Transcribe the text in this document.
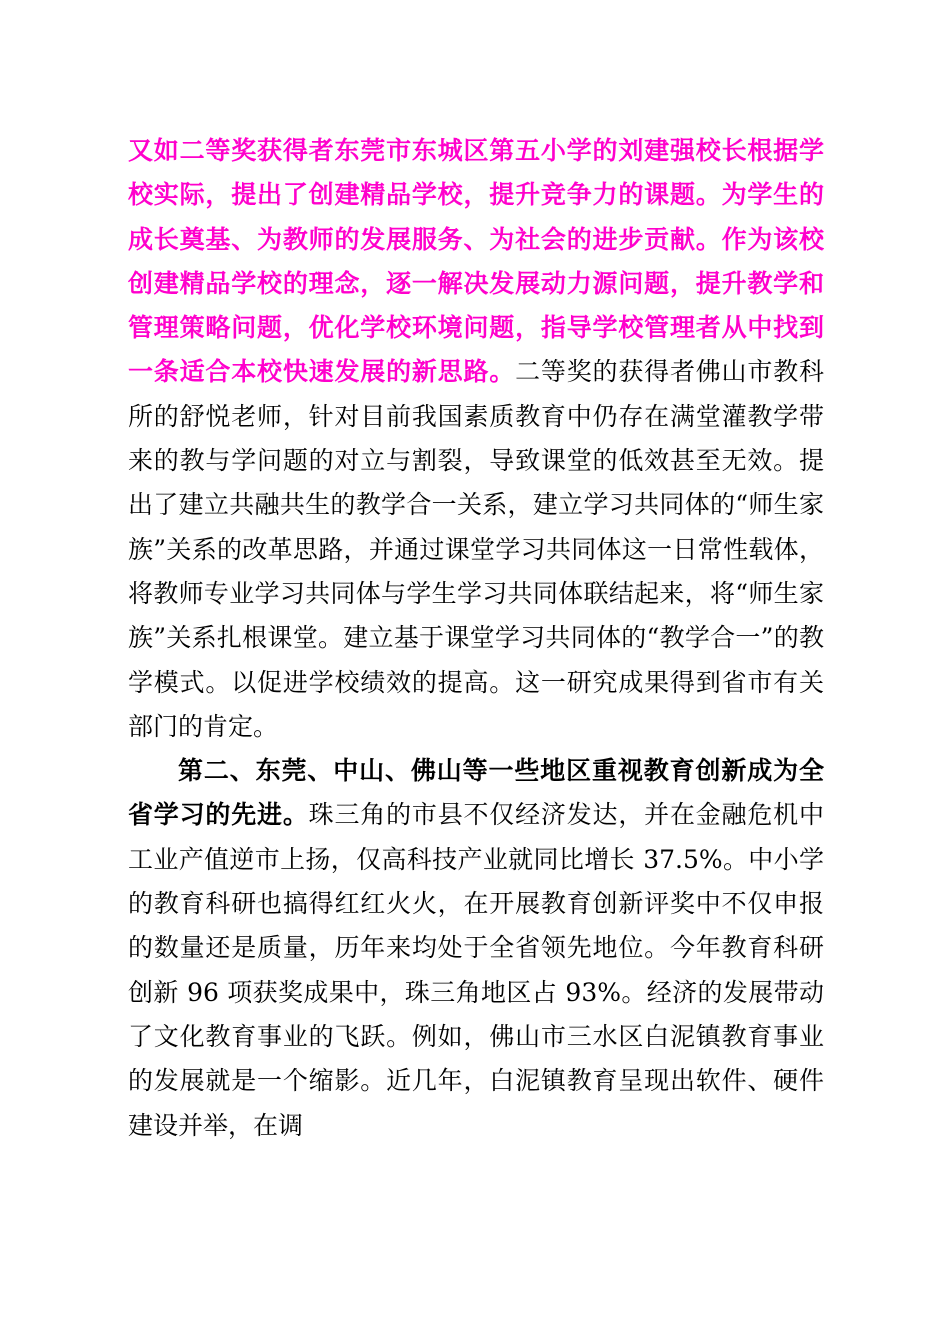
又如二等奖获得者东莞市东城区第五小学的刘建强校长根据学校实际，提出了创建精品学校，提升竞争力的课题。为学生的成长奠基、为教师的发展服务、为社会的进步贡献。作为该校创建精品学校的理念，逐一解决发展动力源问题，提升教学和管理策略问题，优化学校环境问题，指导学校管理者从中找到一条适合本校快速发展的新思路。二等奖的获得者佛山市教科所的舒悦老师，针对目前我国素质教育中仍存在满堂灌教学带来的教与学问题的对立与割裂，导致课堂的低效甚至无效。提出了建立共融共生的教学合一关系，建立学习共同体的“师生家族”关系的改革思路，并通过课堂学习共同体这一日常性载体，将教师专业学习共同体与学生学习共同体联结起来，将“师生家族”关系扎根课堂。建立基于课堂学习共同体的“教学合一”的教学模式。以促进学校绩效的提高。这一研究成果得到省市有关部门的肯定。

第二、东莞、中山、佛山等一些地区重视教育创新成为全省学习的先进。珠三角的市县不仅经济发达，并在金融危机中工业产值逆市上扬，仅高科技产业就同比增长 37.5%。中小学的教育科研也搞得红红火火，在开展教育创新评奖中不仅申报的数量还是质量，历年来均处于全省领先地位。今年教育科研创新 96 项获奖成果中，珠三角地区占 93%。经济的发展带动了文化教育事业的飞跃。例如，佛山市三水区白泥镇教育事业的发展就是一个缩影。近几年，白泥镇教育呈现出软件、硬件建设并举，在调
